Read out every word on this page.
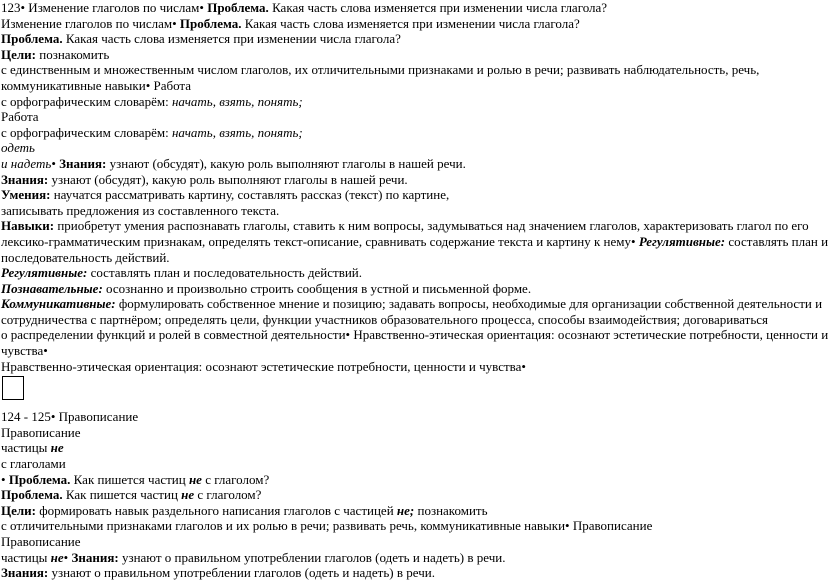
123• Изменение глаголов по числам• Проблема. Какая часть слова изменяется при изменении числа глагола?
Изменение глаголов по числам• Проблема. Какая часть слова изменяется при изменении числа глагола?
Проблема. Какая часть слова изменяется при изменении числа глагола?
Цели: познакомить
с единственным и множественным числом глаголов, их отличительными признаками и ролью в речи; развивать наблюдательность, речь,
коммуникативные навыки• Работа
с орфографическим словарём: начать, взять, понять;
Работа
с орфографическим словарём: начать, взять, понять;
одеть
и надеть• Знания: узнают (обсудят), какую роль выполняют глаголы в нашей речи.
Знания: узнают (обсудят), какую роль выполняют глаголы в нашей речи.
Умения: научатся рассматривать картину, составлять рассказ (текст) по картине,
записывать предложения из составленного текста.
Навыки: приобретут умения распознавать глаголы, ставить к ним вопросы, задумываться над значением глаголов, характеризовать глагол по его
лексико-грамматическим признакам, определять текст-описание, сравнивать содержание текста и картину к нему• Регулятивные: составлять план и
последовательность действий.
Регулятивные: составлять план и последовательность действий.
Познавательные: осознанно и произвольно строить сообщения в устной и письменной форме.
Коммуникативные: формулировать собственное мнение и позицию; задавать вопросы, необходимые для организации собственной деятельности и
сотрудничества с партнёром; определять цели, функции участников образовательного процесса, способы взаимодействия; договариваться
о распределении функций и ролей в совместной деятельности• Нравственно-этическая ориентация: осознают эстетические потребности, ценности и
чувства•
Нравственно-этическая ориентация: осознают эстетические потребности, ценности и чувства•
124 - 125• Правописание
Правописание
частицы не
с глаголами
• Проблема. Как пишется частиц не с глаголом?
Проблема. Как пишется частиц не с глаголом?
Цели: формировать навык раздельного написания глаголов с частицей не; познакомить
с отличительными признаками глаголов и их ролью в речи; развивать речь, коммуникативные навыки• Правописание
Правописание
частицы не• Знания: узнают о правильном употреблении глаголов (одеть и надеть) в речи.
Знания: узнают о правильном употреблении глаголов (одеть и надеть) в речи.
